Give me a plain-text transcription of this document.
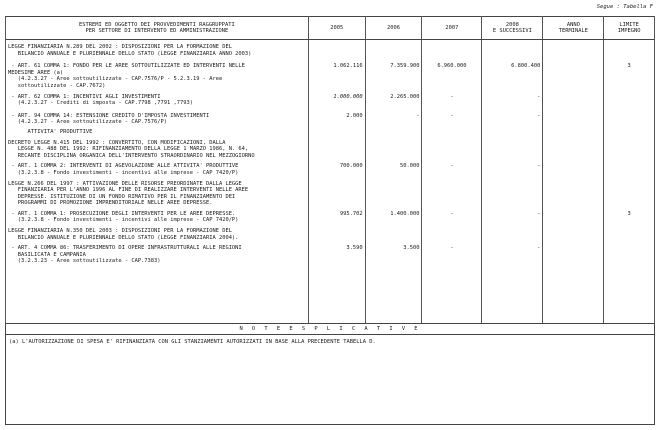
Segue : Tabella F
ESTREMI ED OGGETTO DEI PROVVEDIMENTI RAGGRUPPATI
PER SETTORE DI INTERVENTO ED AMMINISTRAZIONE	2005	2006	2007	2008
E SUCCESSIVI	ANNO
TERMINALE	LIMITE
IMPEGNO
LEGGE FINANZIARIA N.289 DEL 2002 : DISPOSIZIONI PER LA FORMAZIONE DEL
BILANCIO ANNUALE E PLURIENNALE DELLO STATO (LEGGE FINANZIARIA ANNO 2003)						
- ART. 61 COMMA 1: FONDO PER LE AREE SOTTOUTILIZZATE ED INTERVENTI NELLE
MEDESIME AREE (a)
(4.2.3.27 - Aree sottoutilizzate - CAP.7576/P - 5.2.3.19 - Aree
sottoutilizzate - CAP.7672)	1.062.116	7.359.900	6.960.000	6.800.400		3
- ART. 62 COMMA 1: INCENTIVI AGLI INVESTIMENTI
(4.2.3.27 - Crediti di imposta - CAP.7798 ,7791 ,7793)	1.000.000	2.265.000	-	-		
- ART. 94 COMMA 14: ESTENSIONE CREDITO D'IMPOSTA INVESTIMENTI
(4.2.3.27 - Aree sottoutilizzate - CAP.7576/P)	2.000	-	-	-		
ATTIVITA' PRODUTTIVE						
DECRETO LEGGE N.415 DEL 1992 : CONVERTITO, CON MODIFICAZIONI, DALLA
LEGGE N. 488 DEL 1992: RIFINANZIAMENTO DELLA LEGGE 1 MARZO 1986, N. 64,
RECANTE DISCIPLINA ORGANICA DELL'INTERVENTO STRAORDINARIO NEL MEZZOGIORNO						
- ART. 1 COMMA 2: INTERVENTI DI AGEVOLAZIONE ALLE ATTIVITA' PRODUTTIVE
(3.2.3.8 - Fondo investimenti - incentivi alle imprese - CAP 7420/P)	700.000	50.000	-	-		
LEGGE N.266 DEL 1997 : ATTIVAZIONE DELLE RISORSE PREORDINATE DALLA LEGGE
FINANZIARIA PER L'ANNO 1996 AL FINE DI REALIZZARE INTERVENTI NELLE AREE
DEPRESSE. ISTITUZIONE DI UN FONDO RIMATIVO PER IL FINANZIAMENTO DEI
PROGRAMMI DI PROMOZIONE IMPRENDITORIALE NELLE AREE DEPRESSE.						
- ART. 1 COMMA 1: PROSECUZIONE DEGLI INTERVENTI PER LE AREE DEPRESSE.
(3.2.3.8 - Fondo investimenti - incentivi alle imprese - CAP 7420/P)	995.702	1.400.000	-	-		3
LEGGE FINANZIARIA N.350 DEL 2003 : DISPOSIZIONI PER LA FORMAZIONE DEL
BILANCIO ANNUALE E PLURIENNALE DELLO STATO (LEGGE FINANZIARIA 2004).						
- ART. 4 COMMA 86: TRASFERIMENTO DI OPERE INFRASTRUTTURALI ALLE REGIONI
BASILICATA E CAMPANIA
(3.2.3.23 - Aree sottoutilizzate - CAP.7383)	3.590	3.500	-	-		

N O T E E S P L I C A T I V E
(a) L'AUTORIZZAZIONE DI SPESA E' RIFINANZIATA CON GLI STANZIAMENTI AUTORIZZATI IN BASE ALLA PRECEDENTE TABELLA D.
